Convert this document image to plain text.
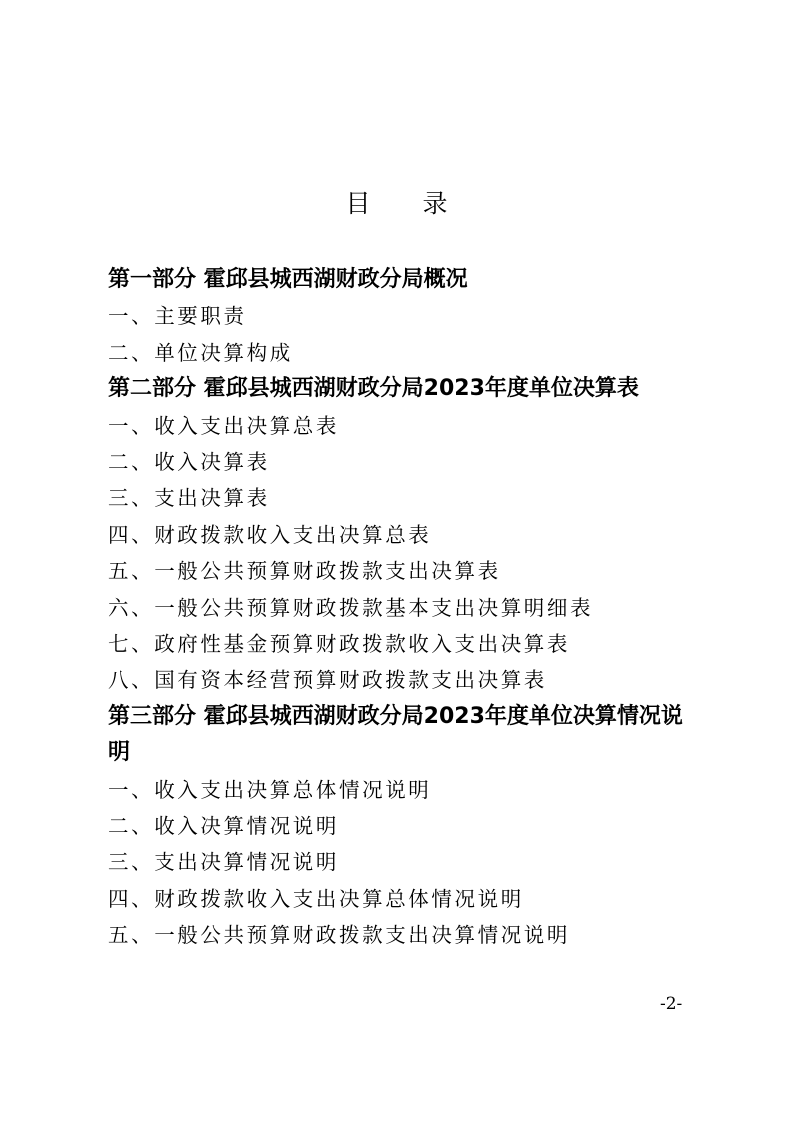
目 录
第一部分 霍邱县城西湖财政分局概况
一、主要职责
二、单位决算构成
第二部分 霍邱县城西湖财政分局2023年度单位决算表
一、收入支出决算总表
二、收入决算表
三、支出决算表
四、财政拨款收入支出决算总表
五、一般公共预算财政拨款支出决算表
六、一般公共预算财政拨款基本支出决算明细表
七、政府性基金预算财政拨款收入支出决算表
八、国有资本经营预算财政拨款支出决算表
第三部分 霍邱县城西湖财政分局2023年度单位决算情况说明
一、收入支出决算总体情况说明
二、收入决算情况说明
三、支出决算情况说明
四、财政拨款收入支出决算总体情况说明
五、一般公共预算财政拨款支出决算情况说明
-2-
